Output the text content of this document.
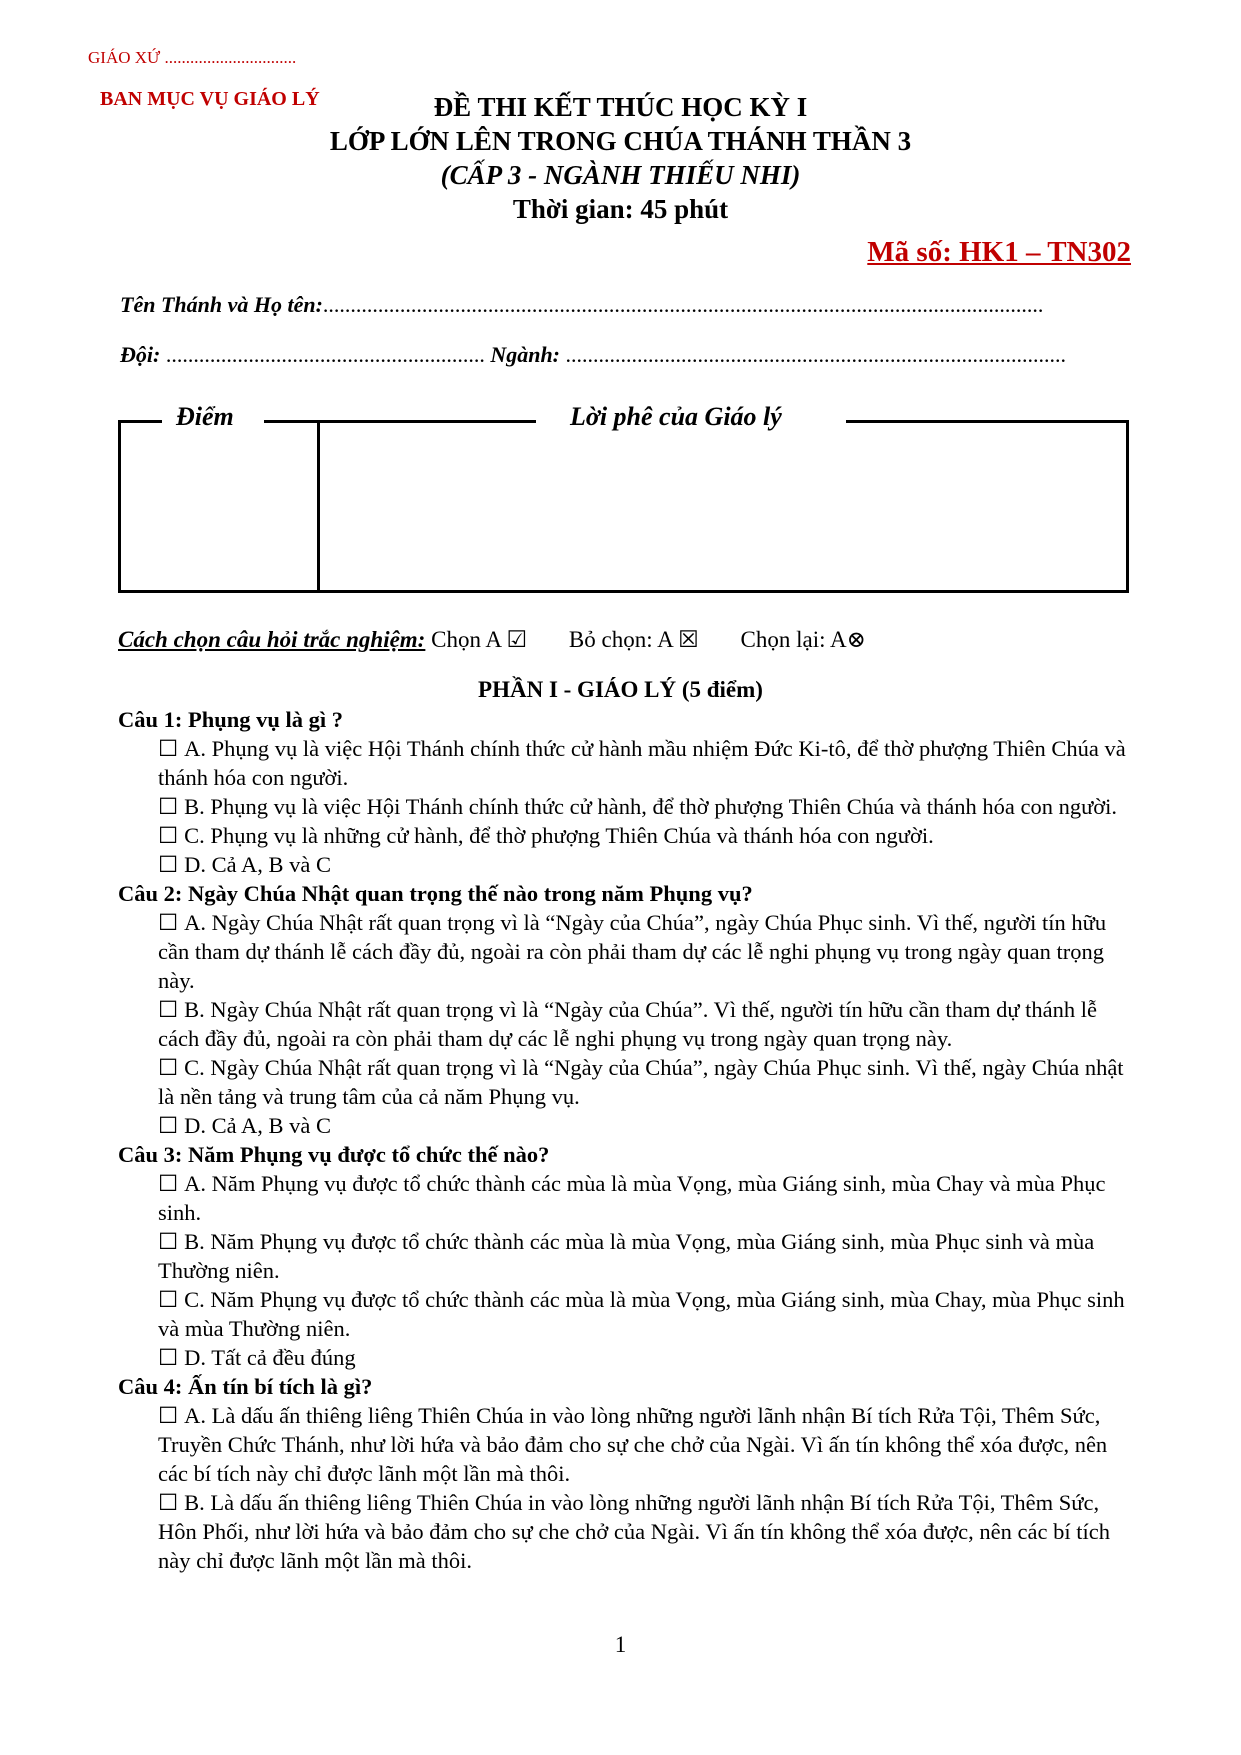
GIÁO XỨ ...............................
BAN MỤC VỤ GIÁO LÝ	ĐỀ THI KẾT THÚC HỌC KỲ I
LỚP LỚN LÊN TRONG CHÚA THÁNH THẦN 3
(CẤP 3 - NGÀNH THIẾU NHI)
Thời gian: 45 phút
Mã số: HK1 – TN302
Tên Thánh và Họ tên:...................................................................................................................................
Đội: .......................................................... Ngành: ...........................................................................................
Điểm	Lời phê của Giáo lý
Cách chọn câu hỏi trắc nghiệm: Chọn A ☑ Bỏ chọn: A ☒ Chọn lại: A⊗
PHẦN I - GIÁO LÝ (5 điểm)

Câu 1: Phụng vụ là gì ?

☐ A. Phụng vụ là việc Hội Thánh chính thức cử hành mầu nhiệm Đức Ki-tô, để thờ phượng Thiên Chúa và thánh hóa con người.

☐ B. Phụng vụ là việc Hội Thánh chính thức cử hành, để thờ phượng Thiên Chúa và thánh hóa con người.

☐ C. Phụng vụ là những cử hành, để thờ phượng Thiên Chúa và thánh hóa con người.

☐ D. Cả A, B và C

Câu 2: Ngày Chúa Nhật quan trọng thế nào trong năm Phụng vụ?

☐ A. Ngày Chúa Nhật rất quan trọng vì là “Ngày của Chúa”, ngày Chúa Phục sinh. Vì thế, người tín hữu cần tham dự thánh lễ cách đầy đủ, ngoài ra còn phải tham dự các lễ nghi phụng vụ trong ngày quan trọng này.

☐ B. Ngày Chúa Nhật rất quan trọng vì là “Ngày của Chúa”. Vì thế, người tín hữu cần tham dự thánh lễ cách đầy đủ, ngoài ra còn phải tham dự các lễ nghi phụng vụ trong ngày quan trọng này.

☐ C. Ngày Chúa Nhật rất quan trọng vì là “Ngày của Chúa”, ngày Chúa Phục sinh. Vì thế, ngày Chúa nhật là nền tảng và trung tâm của cả năm Phụng vụ.

☐ D. Cả A, B và C

Câu 3: Năm Phụng vụ được tổ chức thế nào?

☐ A. Năm Phụng vụ được tổ chức thành các mùa là mùa Vọng, mùa Giáng sinh, mùa Chay và mùa Phục sinh.

☐ B. Năm Phụng vụ được tổ chức thành các mùa là mùa Vọng, mùa Giáng sinh, mùa Phục sinh và mùa Thường niên.

☐ C. Năm Phụng vụ được tổ chức thành các mùa là mùa Vọng, mùa Giáng sinh, mùa Chay, mùa Phục sinh và mùa Thường niên.

☐ D. Tất cả đều đúng

Câu 4: Ấn tín bí tích là gì?

☐ A. Là dấu ấn thiêng liêng Thiên Chúa in vào lòng những người lãnh nhận Bí tích Rửa Tội, Thêm Sức, Truyền Chức Thánh, như lời hứa và bảo đảm cho sự che chở của Ngài. Vì ấn tín không thể xóa được, nên các bí tích này chỉ được lãnh một lần mà thôi.

☐ B. Là dấu ấn thiêng liêng Thiên Chúa in vào lòng những người lãnh nhận Bí tích Rửa Tội, Thêm Sức, Hôn Phối, như lời hứa và bảo đảm cho sự che chở của Ngài. Vì ấn tín không thể xóa được, nên các bí tích này chỉ được lãnh một lần mà thôi.

1
